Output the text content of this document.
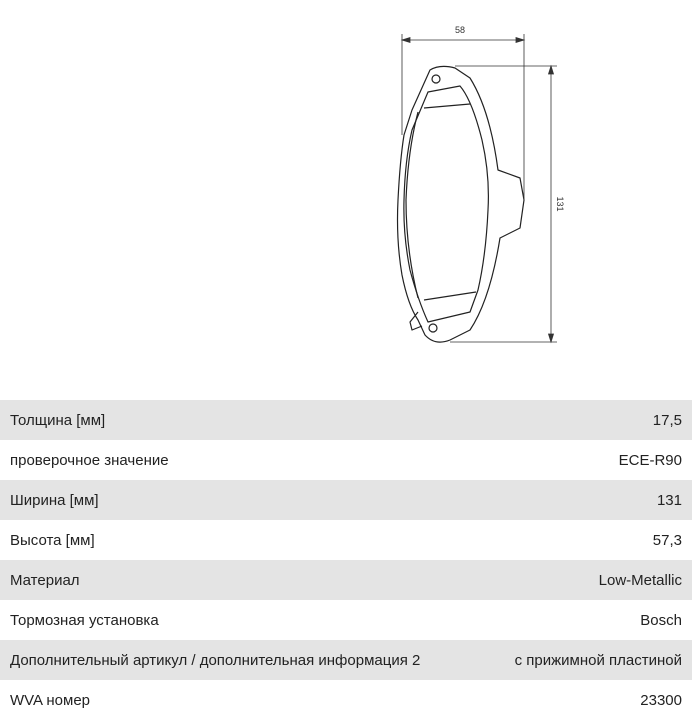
58
131
Толщина [мм]	17,5
проверочное значение	ECE-R90
Ширина [мм]	131
Высота [мм]	57,3
Материал	Low-Metallic
Тормозная установка	Bosch
Дополнительный артикул / дополнительная информация 2	с прижимной пластиной
WVA номер	23300
